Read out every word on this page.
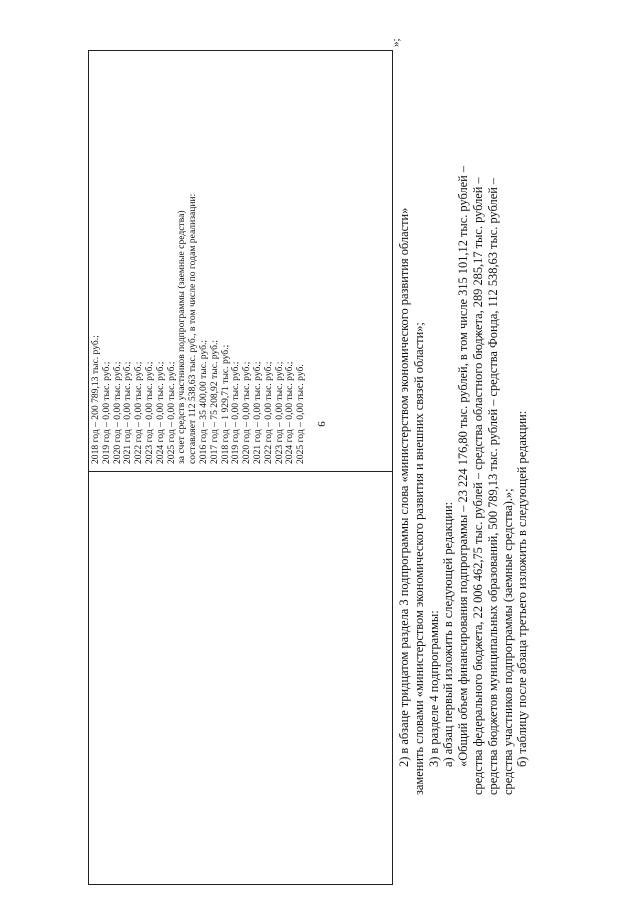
9
2018 год – 200 789,13 тыс. руб.; 2019 год – 0,00 тыс. руб.; 2020 год – 0,00 тыс. руб.; 2021 год – 0,00 тыс. руб.; 2022 год – 0,00 тыс. руб.; 2023 год – 0,00 тыс. руб.; 2024 год – 0,00 тыс. руб.; 2025 год – 0,00 тыс. руб.; за счет средств участников подпрограммы (заемные средства) составляет 112 538,63 тыс. руб., в том числе по годам реализации: 2016 год – 35 400,00 тыс. руб.; 2017 год – 75 208,92 тыс. руб.; 2018 год – 1 929,71 тыс. руб.; 2019 год – 0,00 тыс. руб.; 2020 год – 0,00 тыс. руб.; 2021 год – 0,00 тыс. руб.; 2022 год – 0,00 тыс. руб.; 2023 год – 0,00 тыс. руб.; 2024 год – 0,00 тыс. руб.; 2025 год – 0,00 тыс. руб.
»;

2) в абзаце тридцатом раздела 3 подпрограммы слова «министерством экономического развития области» заменить словами «министерством экономического развития и внешних связей области»; 3) в разделе 4 подпрограммы: а) абзац первый изложить в следующей редакции: «Общий объем финансирования подпрограммы – 23 224 176,80 тыс. рублей, в том числе 315 101,12 тыс. рублей – средства федерального бюджета, 22 006 462,75 тыс. рублей – средства областного бюджета, 289 285,17 тыс. рублей – средства бюджетов муниципальных образований, 500 789,13 тыс. рублей – средства Фонда, 112 538,63 тыс. рублей – средства участников подпрограммы (заемные средства).»; б) таблицу после абзаца третьего изложить в следующей редакции:
